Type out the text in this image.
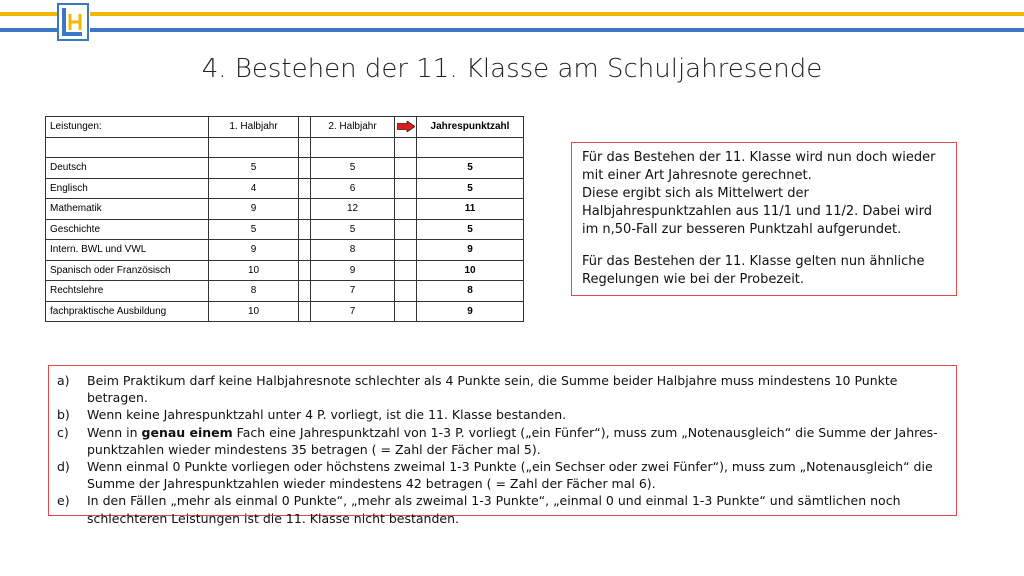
4. Bestehen der 11. Klasse am Schuljahresende
Leistungen:	1. Halbjahr		2. Halbjahr		Jahrespunktzahl

Deutsch	5		5		5
Englisch	4		6		5
Mathematik	9		12		11
Geschichte	5		5		5
Intern. BWL und VWL	9		8		9
Spanisch oder Französisch	10		9		10
Rechtslehre	8		7		8
fachpraktische Ausbildung	10		7		9

Für das Bestehen der 11. Klasse wird nun doch wieder mit einer Art Jahresnote gerechnet.

Diese ergibt sich als Mittelwert der Halbjahrespunktzahlen aus 11/1 und 11/2. Dabei wird im n,50-Fall zur besseren Punktzahl aufgerundet.

Für das Bestehen der 11. Klasse gelten nun ähnliche Regelungen wie bei der Probezeit.

a)	Beim Praktikum darf keine Halbjahresnote schlechter als 4 Punkte sein, die Summe beider Halbjahre muss mindestens 10 Punkte betragen.
b)	Wenn keine Jahrespunktzahl unter 4 P. vorliegt, ist die 11. Klasse bestanden.
c)	Wenn in genau einem Fach eine Jahrespunktzahl von 1-3 P. vorliegt („ein Fünfer“), muss zum „Notenausgleich“ die Summe der Jahres-punktzahlen wieder mindestens 35 betragen ( = Zahl der Fächer mal 5).
d)	Wenn einmal 0 Punkte vorliegen oder höchstens zweimal 1-3 Punkte („ein Sechser oder zwei Fünfer“), muss zum „Notenausgleich“ die Summe der Jahrespunktzahlen wieder mindestens 42 betragen ( = Zahl der Fächer mal 6).
e)	In den Fällen „mehr als einmal 0 Punkte“, „mehr als zweimal 1-3 Punkte“, „einmal 0 und einmal 1-3 Punkte“ und sämtlichen noch schlechteren Leistungen ist die 11. Klasse nicht bestanden.
